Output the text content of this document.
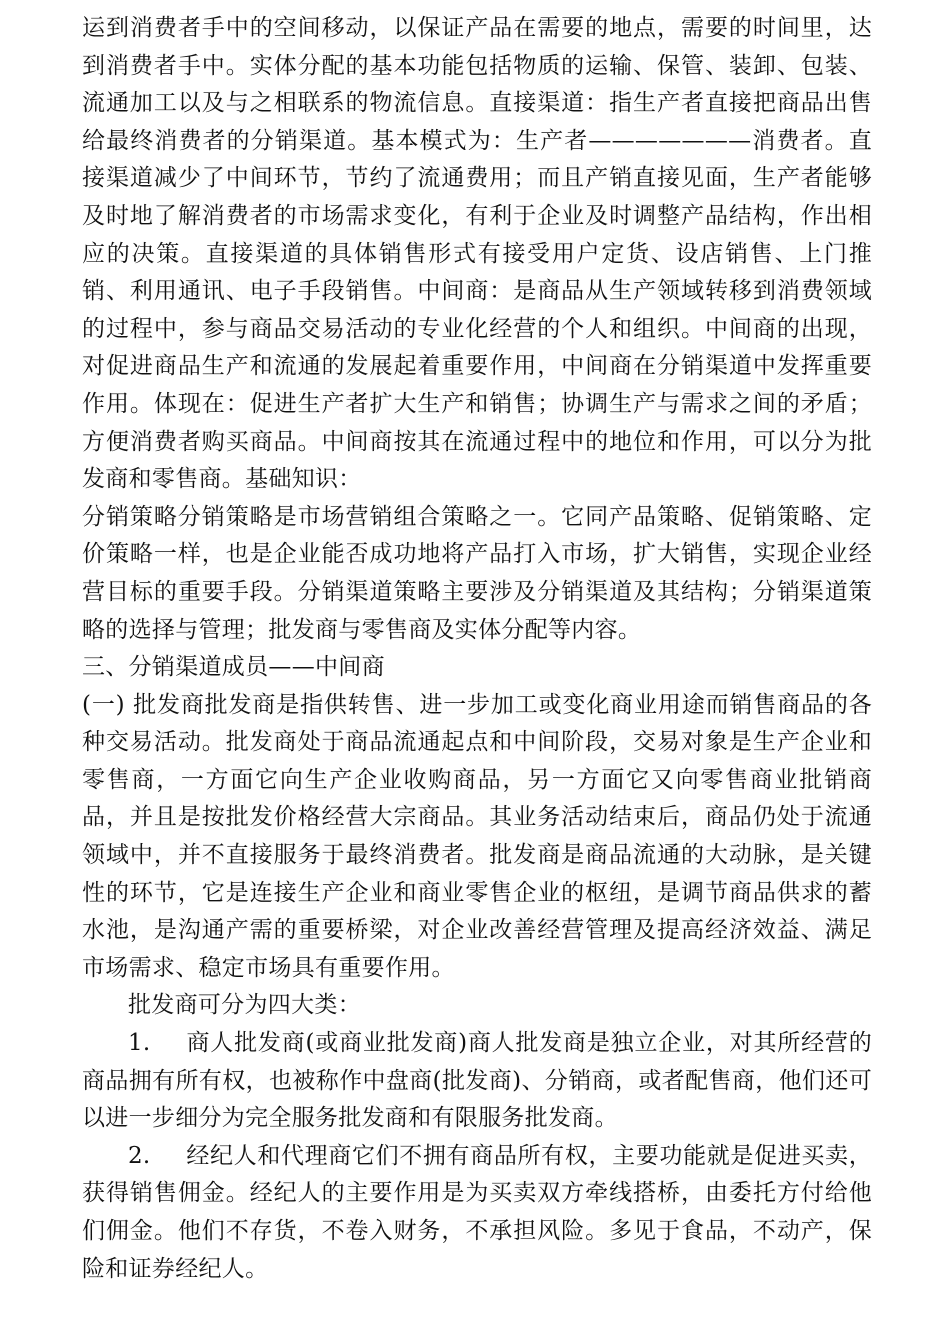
运到消费者手中的空间移动，以保证产品在需要的地点，需要的时间里，达到消费者手中。实体分配的基本功能包括物质的运输、保管、装卸、包装、流通加工以及与之相联系的物流信息。直接渠道：指生产者直接把商品出售给最终消费者的分销渠道。基本模式为：生产者———————消费者。直接渠道减少了中间环节，节约了流通费用；而且产销直接见面，生产者能够及时地了解消费者的市场需求变化，有利于企业及时调整产品结构，作出相应的决策。直接渠道的具体销售形式有接受用户定货、设店销售、上门推销、利用通讯、电子手段销售。中间商：是商品从生产领域转移到消费领域的过程中，参与商品交易活动的专业化经营的个人和组织。中间商的出现，对促进商品生产和流通的发展起着重要作用，中间商在分销渠道中发挥重要作用。体现在：促进生产者扩大生产和销售；协调生产与需求之间的矛盾；方便消费者购买商品。中间商按其在流通过程中的地位和作用，可以分为批发商和零售商。基础知识：

分销策略分销策略是市场营销组合策略之一。它同产品策略、促销策略、定价策略一样，也是企业能否成功地将产品打入市场，扩大销售，实现企业经营目标的重要手段。分销渠道策略主要涉及分销渠道及其结构；分销渠道策略的选择与管理；批发商与零售商及实体分配等内容。

三、分销渠道成员——中间商

(一) 批发商批发商是指供转售、进一步加工或变化商业用途而销售商品的各种交易活动。批发商处于商品流通起点和中间阶段，交易对象是生产企业和零售商，一方面它向生产企业收购商品，另一方面它又向零售商业批销商品，并且是按批发价格经营大宗商品。其业务活动结束后，商品仍处于流通领域中，并不直接服务于最终消费者。批发商是商品流通的大动脉，是关键性的环节，它是连接生产企业和商业零售企业的枢纽，是调节商品供求的蓄水池，是沟通产需的重要桥梁，对企业改善经营管理及提高经济效益、满足市场需求、稳定市场具有重要作用。

批发商可分为四大类：

1. 商人批发商(或商业批发商)商人批发商是独立企业，对其所经营的商品拥有所有权，也被称作中盘商(批发商)、分销商，或者配售商，他们还可以进一步细分为完全服务批发商和有限服务批发商。

2. 经纪人和代理商它们不拥有商品所有权，主要功能就是促进买卖，获得销售佣金。经纪人的主要作用是为买卖双方牵线搭桥，由委托方付给他们佣金。他们不存货，不卷入财务，不承担风险。多见于食品，不动产，保险和证券经纪人。
